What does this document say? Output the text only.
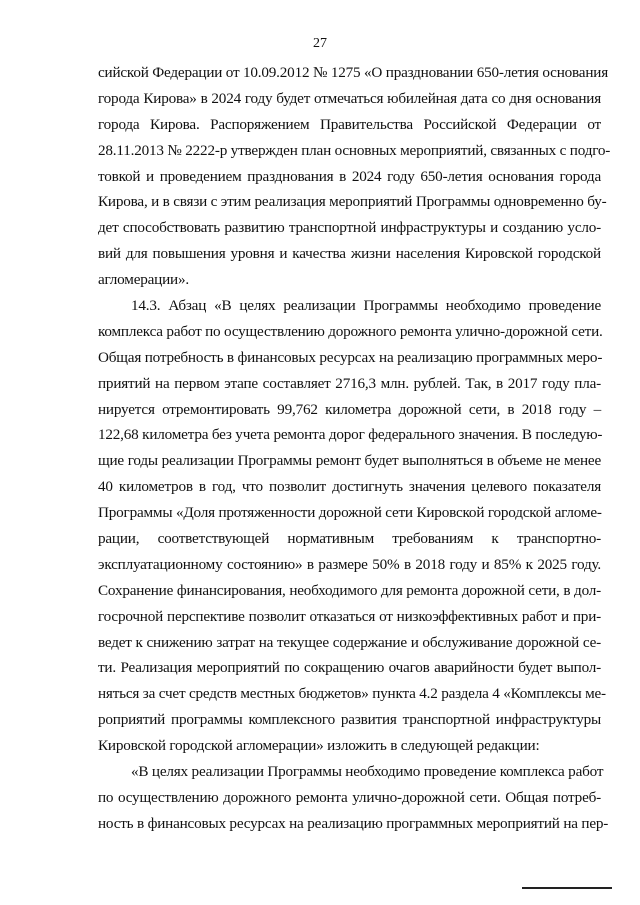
27
сийской Федерации от 10.09.2012 № 1275 «О праздновании 650-летия основания
города Кирова» в 2024 году будет отмечаться юбилейная дата со дня основания
города Кирова. Распоряжением Правительства Российской Федерации от
28.11.2013 № 2222-р утвержден план основных мероприятий, связанных с подго-
товкой и проведением празднования в 2024 году 650-летия основания города
Кирова, и в связи с этим реализация мероприятий Программы одновременно бу-
дет способствовать развитию транспортной инфраструктуры и созданию усло-
вий для повышения уровня и качества жизни населения Кировской городской
агломерации».
14.3. Абзац «В целях реализации Программы необходимо проведение
комплекса работ по осуществлению дорожного ремонта улично-дорожной сети.
Общая потребность в финансовых ресурсах на реализацию программных меро-
приятий на первом этапе составляет 2716,3 млн. рублей. Так, в 2017 году пла-
нируется отремонтировать 99,762 километра дорожной сети, в 2018 году –
122,68 километра без учета ремонта дорог федерального значения. В последую-
щие годы реализации Программы ремонт будет выполняться в объеме не менее
40 километров в год, что позволит достигнуть значения целевого показателя
Программы «Доля протяженности дорожной сети Кировской городской агломе-
рации, соответствующей нормативным требованиям к транспортно-
эксплуатационному состоянию» в размере 50% в 2018 году и 85% к 2025 году.
Сохранение финансирования, необходимого для ремонта дорожной сети, в дол-
госрочной перспективе позволит отказаться от низкоэффективных работ и при-
ведет к снижению затрат на текущее содержание и обслуживание дорожной се-
ти. Реализация мероприятий по сокращению очагов аварийности будет выпол-
няться за счет средств местных бюджетов» пункта 4.2 раздела 4 «Комплексы ме-
роприятий программы комплексного развития транспортной инфраструктуры
Кировской городской агломерации» изложить в следующей редакции:
«В целях реализации Программы необходимо проведение комплекса работ
по осуществлению дорожного ремонта улично-дорожной сети. Общая потреб-
ность в финансовых ресурсах на реализацию программных мероприятий на пер-
